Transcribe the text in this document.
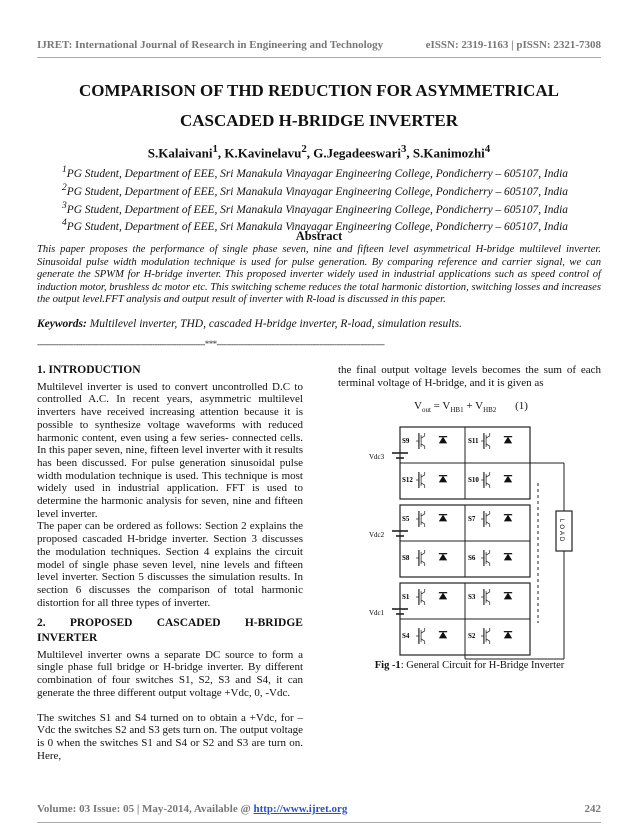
IJRET: International Journal of Research in Engineering and Technology	eISSN: 2319-1163 | pISSN: 2321-7308
COMPARISON OF THD REDUCTION FOR ASYMMETRICAL
CASCADED H-BRIDGE INVERTER
S.Kalaivani$^1$, K.Kavinelavu$^2$, G.Jegadeeswari$^3$, S.Kanimozhi$^4$
$^1$PG Student, Department of EEE, Sri Manakula Vinayagar Engineering College, Pondicherry – 605107, India
$^2$PG Student, Department of EEE, Sri Manakula Vinayagar Engineering College, Pondicherry – 605107, India
$^3$PG Student, Department of EEE, Sri Manakula Vinayagar Engineering College, Pondicherry – 605107, India
$^4$PG Student, Department of EEE, Sri Manakula Vinayagar Engineering College, Pondicherry – 605107, India
Abstract
This paper proposes the performance of single phase seven, nine and fifteen level asymmetrical H-bridge multilevel inverter. Sinusoidal pulse width modulation technique is used for pulse generation. By comparing reference and carrier signal, we can generate the SPWM for H-bridge inverter. This proposed inverter widely used in industrial applications such as speed control of induction motor, brushless dc motor etc. This switching scheme reduces the total harmonic distortion, switching losses and increases the output level.FFT analysis and output result of inverter with R-load is discussed in this paper.
Keywords: Multilevel inverter, THD, cascaded H-bridge inverter, R-load, simulation results.
----------------------------------------------------------------------***----------------------------------------------------------------------

1. INTRODUCTION

Multilevel inverter is used to convert uncontrolled D.C to controlled A.C. In recent years, asymmetric multilevel inverters have received increasing attention because it is possible to synthesize voltage waveforms with reduced harmonic content, even using a few series- connected cells. In this paper seven, nine, fifteen level inverter with it results has been discussed. For pulse generation sinusoidal pulse width modulation technique is used. This technique is most widely used in industrial application. FFT is used to determine the harmonic analysis for seven, nine and fifteen level inverter.

The paper can be ordered as follows: Section 2 explains the proposed cascaded H-bridge inverter. Section 3 discusses the modulation techniques. Section 4 explains the circuit model of single phase seven level, nine levels and fifteen level inverter. Section 5 discusses the simulation results. In section 6 discusses the comparison of total harmonic distortion for all three types of inverter.

2. PROPOSED CASCADED H-BRIDGE

INVERTER

Multilevel inverter owns a separate DC source to form a single phase full bridge or H-bridge inverter. By different combination of four switches S1, S2, S3 and S4, it can generate the three different output voltage +Vdc, 0, -Vdc.

The switches S1 and S4 turned on to obtain a +Vdc, for –Vdc the switches S2 and S3 gets turn on. The output voltage is 0 when the switches S1 and S4 or S2 and S3 are turn on. Here,

the final output voltage levels becomes the sum of each terminal voltage of H-bridge, and it is given as

$V_{out} = V_{HB1} + V_{HB2}$ (1)
S9	S11
S12	S10
S5	S7
S8	S6
S1	S3
S4	S2
Vdc3
Vdc2
Vdc1
LOAD
Fig -1: General Circuit for H-Bridge Inverter
Volume: 03 Issue: 05 | May-2014, Available @ http://www.ijret.org	242
